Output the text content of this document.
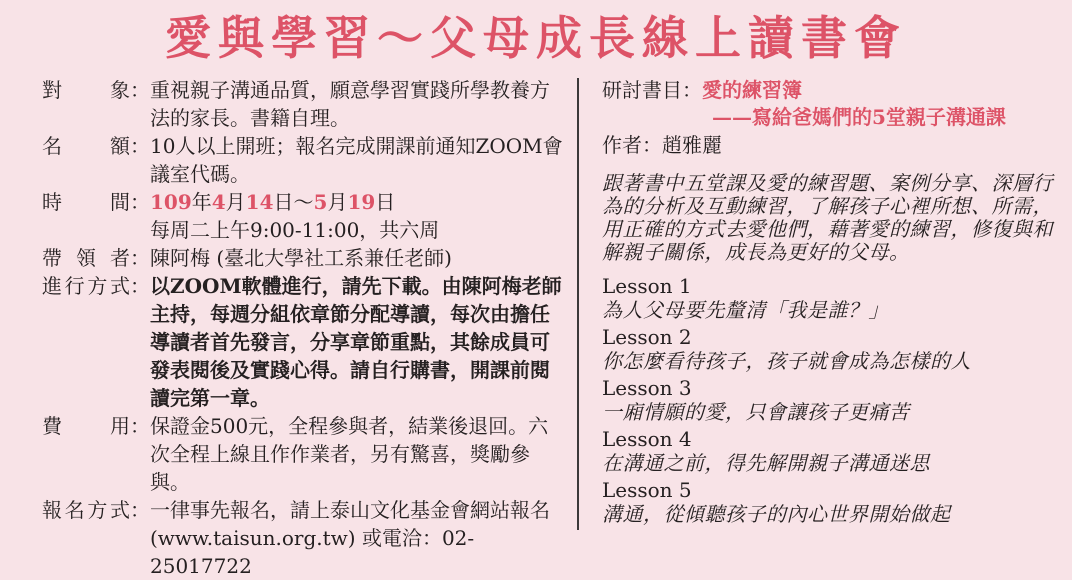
愛與學習～父母成長線上讀書會
對象 ： 重視親子溝通品質，願意學習實踐所學教養方法的家長。書籍自理。
名額 ： 10人以上開班；報名完成開課前通知ZOOM會議室代碼。
時間 ： 109年4月14日～5月19日
每周二上午9:00-11:00，共六周
帶領者 ： 陳阿梅 (臺北大學社工系兼任老師)
進行方式 ： 以ZOOM軟體進行，請先下載。由陳阿梅老師主持，每週分組依章節分配導讀，每次由擔任導讀者首先發言，分享章節重點，其餘成員可發表閱後及實踐心得。請自行購書，開課前閱讀完第一章。
費用 ： 保證金500元，全程參與者，結業後退回。六次全程上線且作作業者，另有驚喜，獎勵參與。
報名方式 ： 一律事先報名，請上泰山文化基金會網站報名
(www.taisun.org.tw) 或電洽：02-25017722
研討書目：愛的練習簿
——寫給爸媽們的5堂親子溝通課
作者：趙雅麗
跟著書中五堂課及愛的練習題、案例分享、深層行為的分析及互動練習，了解孩子心裡所想、所需，用正確的方式去愛他們，藉著愛的練習，修復與和解親子關係，成長為更好的父母。
Lesson 1
為人父母要先釐清「我是誰？」
Lesson 2
你怎麼看待孩子，孩子就會成為怎樣的人
Lesson 3
一廂情願的愛，只會讓孩子更痛苦
Lesson 4
在溝通之前，得先解開親子溝通迷思
Lesson 5
溝通，從傾聽孩子的內心世界開始做起
